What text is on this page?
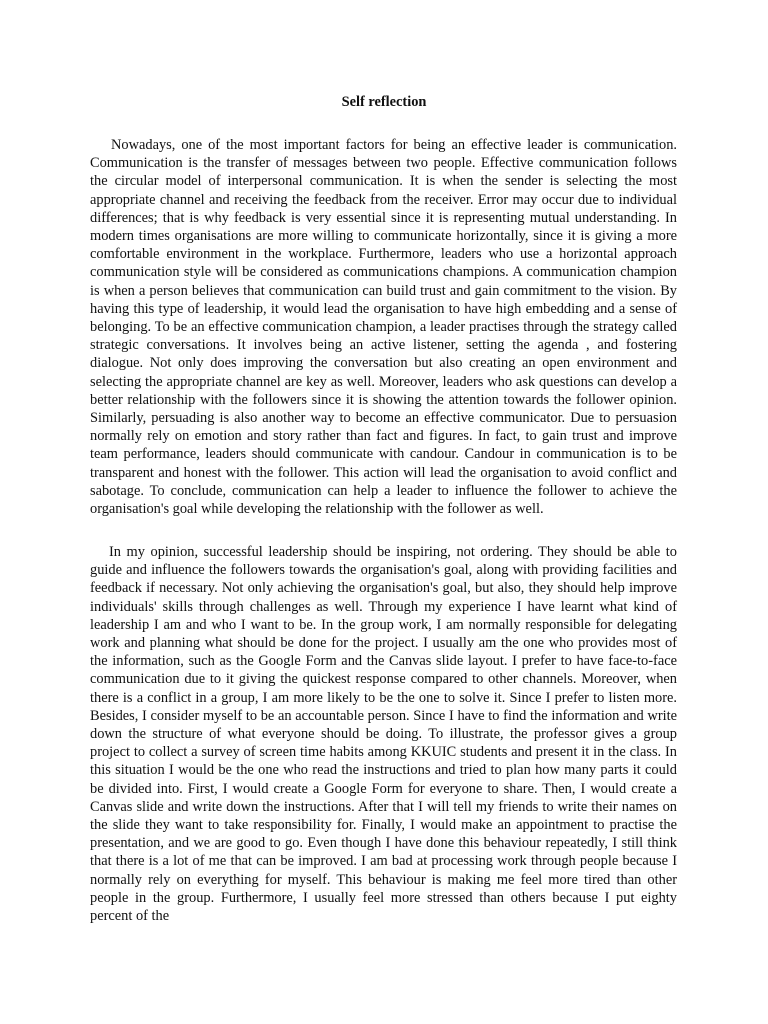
Self reflection

Nowadays, one of the most important factors for being an effective leader is communication. Communication is the transfer of messages between two people. Effective communication follows the circular model of interpersonal communication. It is when the sender is selecting the most appropriate channel and receiving the feedback from the receiver. Error may occur due to individual differences; that is why feedback is very essential since it is representing mutual understanding. In modern times organisations are more willing to communicate horizontally, since it is giving a more comfortable environment in the workplace. Furthermore, leaders who use a horizontal approach communication style will be considered as communications champions. A communication champion is when a person believes that communication can build trust and gain commitment to the vision. By having this type of leadership, it would lead the organisation to have high embedding and a sense of belonging. To be an effective communication champion, a leader practises through the strategy called strategic conversations. It involves being an active listener, setting the agenda , and fostering dialogue. Not only does improving the conversation but also creating an open environment and selecting the appropriate channel are key as well. Moreover, leaders who ask questions can develop a better relationship with the followers since it is showing the attention towards the follower opinion. Similarly, persuading is also another way to become an effective communicator. Due to persuasion normally rely on emotion and story rather than fact and figures. In fact, to gain trust and improve team performance, leaders should communicate with candour. Candour in communication is to be transparent and honest with the follower. This action will lead the organisation to avoid conflict and sabotage. To conclude, communication can help a leader to influence the follower to achieve the organisation's goal while developing the relationship with the follower as well.

In my opinion, successful leadership should be inspiring, not ordering. They should be able to guide and influence the followers towards the organisation's goal, along with providing facilities and feedback if necessary. Not only achieving the organisation's goal, but also, they should help improve individuals' skills through challenges as well. Through my experience I have learnt what kind of leadership I am and who I want to be. In the group work, I am normally responsible for delegating work and planning what should be done for the project. I usually am the one who provides most of the information, such as the Google Form and the Canvas slide layout. I prefer to have face-to-face communication due to it giving the quickest response compared to other channels. Moreover, when there is a conflict in a group, I am more likely to be the one to solve it. Since I prefer to listen more. Besides, I consider myself to be an accountable person. Since I have to find the information and write down the structure of what everyone should be doing. To illustrate, the professor gives a group project to collect a survey of screen time habits among KKUIC students and present it in the class. In this situation I would be the one who read the instructions and tried to plan how many parts it could be divided into. First, I would create a Google Form for everyone to share. Then, I would create a Canvas slide and write down the instructions. After that I will tell my friends to write their names on the slide they want to take responsibility for. Finally, I would make an appointment to practise the presentation, and we are good to go. Even though I have done this behaviour repeatedly, I still think that there is a lot of me that can be improved. I am bad at processing work through people because I normally rely on everything for myself. This behaviour is making me feel more tired than other people in the group. Furthermore, I usually feel more stressed than others because I put eighty percent of the
